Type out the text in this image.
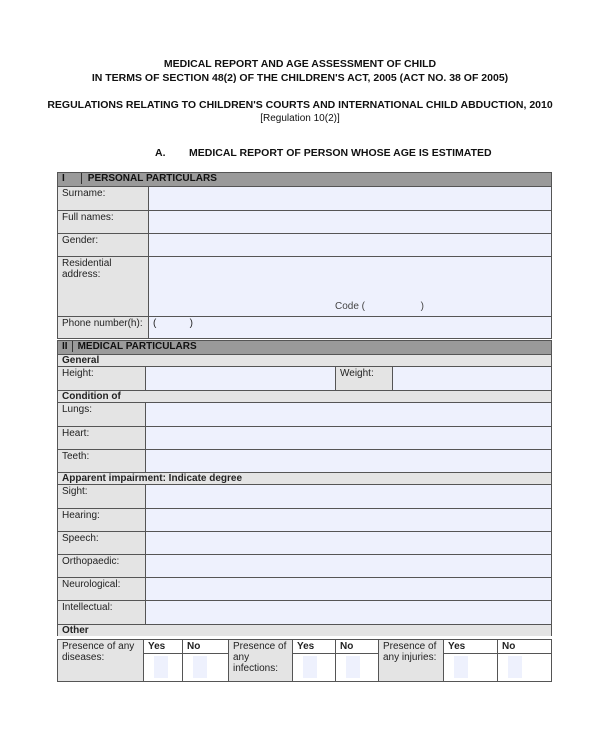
MEDICAL REPORT AND AGE ASSESSMENT OF CHILD
IN TERMS OF SECTION 48(2) OF THE CHILDREN'S ACT, 2005 (ACT NO. 38 OF 2005)
REGULATIONS RELATING TO CHILDREN'S COURTS AND INTERNATIONAL CHILD ABDUCTION, 2010
[Regulation 10(2)]
A. MEDICAL REPORT OF PERSON WHOSE AGE IS ESTIMATED
I PERSONAL PARTICULARS	
Surname:	
Full names:	
Gender:	

Residential
address:	Code (                    )
Phone number(h):	(            )
II MEDICAL PARTICULARS			
General			
Height:		Weight:	
Condition of			
Lungs:			
Heart:			
Teeth:			
Apparent impairment: Indicate degree			
Sight:			
Hearing:			
Speech:			
Orthopaedic:			
Neurological:			
Intellectual:			
Other			
Presence of any diseases:	Yes	No	Presence of any infections:	Yes	No	Presence of any injuries:	Yes	No
